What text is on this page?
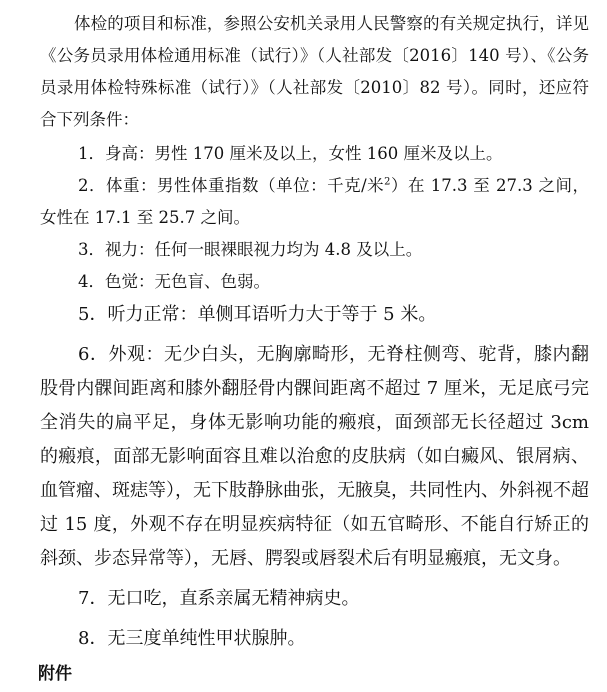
体检的项目和标准，参照公安机关录用人民警察的有关规定执行，详见《公务员录用体检通用标准（试行）》（人社部发〔2016〕140 号）、《公务员录用体检特殊标准（试行）》（人社部发〔2010〕82 号）。同时，还应符合下列条件：

1．身高：男性 170 厘米及以上，女性 160 厘米及以上。

2．体重：男性体重指数（单位：千克/米$^2$）在 17.3 至 27.3 之间，女性在 17.1 至 25.7 之间。

3．视力：任何一眼裸眼视力均为 4.8 及以上。

4．色觉：无色盲、色弱。

5．听力正常：单侧耳语听力大于等于 5 米。

6．外观：无少白头，无胸廓畸形，无脊柱侧弯、驼背，膝内翻股骨内髁间距离和膝外翻胫骨内髁间距离不超过 7 厘米，无足底弓完全消失的扁平足，身体无影响功能的瘢痕，面颈部无长径超过 3cm 的瘢痕，面部无影响面容且难以治愈的皮肤病（如白癜风、银屑病、血管瘤、斑痣等），无下肢静脉曲张，无腋臭，共同性内、外斜视不超过 15 度，外观不存在明显疾病特征（如五官畸形、不能自行矫正的斜颈、步态异常等），无唇、腭裂或唇裂术后有明显瘢痕，无文身。

7．无口吃，直系亲属无精神病史。

8．无三度单纯性甲状腺肿。

附件
